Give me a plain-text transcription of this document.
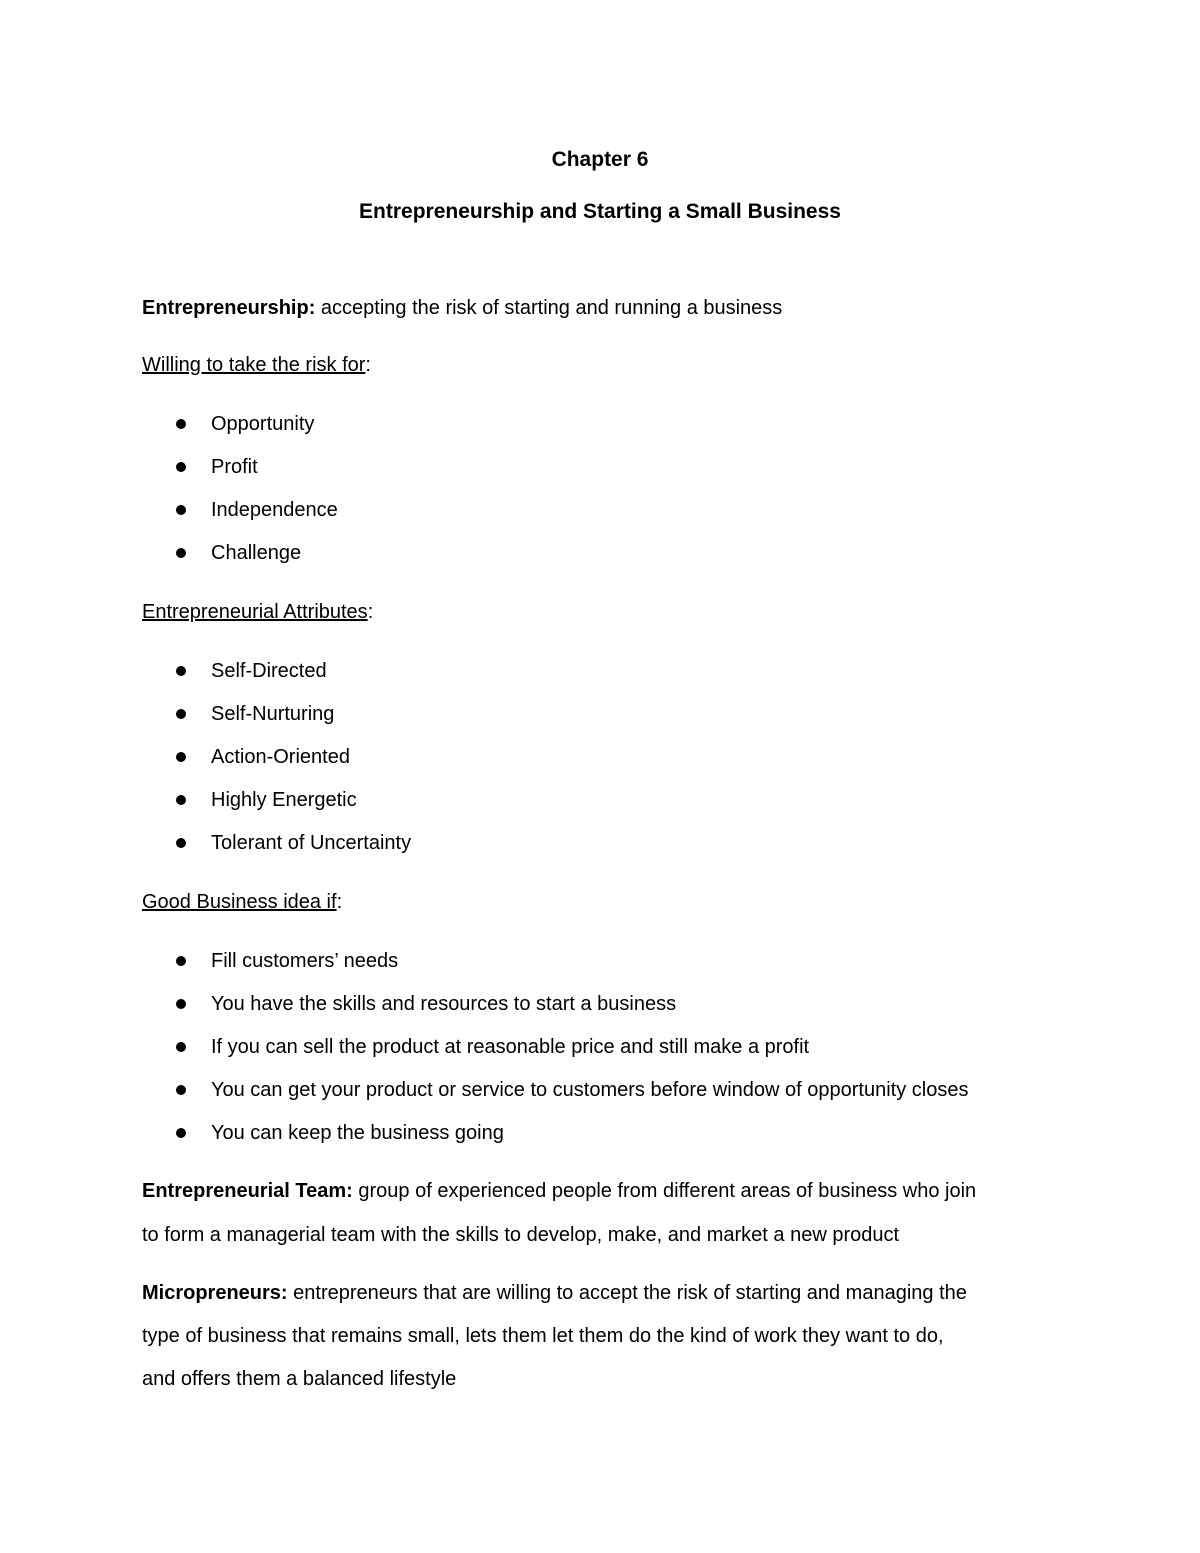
Chapter 6
Entrepreneurship and Starting a Small Business
Entrepreneurship: accepting the risk of starting and running a business
Willing to take the risk for:
Opportunity
Profit
Independence
Challenge
Entrepreneurial Attributes:
Self-Directed
Self-Nurturing
Action-Oriented
Highly Energetic
Tolerant of Uncertainty
Good Business idea if:
Fill customers’ needs
You have the skills and resources to start a business
If you can sell the product at reasonable price and still make a profit
You can get your product or service to customers before window of opportunity closes
You can keep the business going
Entrepreneurial Team: group of experienced people from different areas of business who join
to form a managerial team with the skills to develop, make, and market a new product
Micropreneurs: entrepreneurs that are willing to accept the risk of starting and managing the
type of business that remains small, lets them let them do the kind of work they want to do,
and offers them a balanced lifestyle
